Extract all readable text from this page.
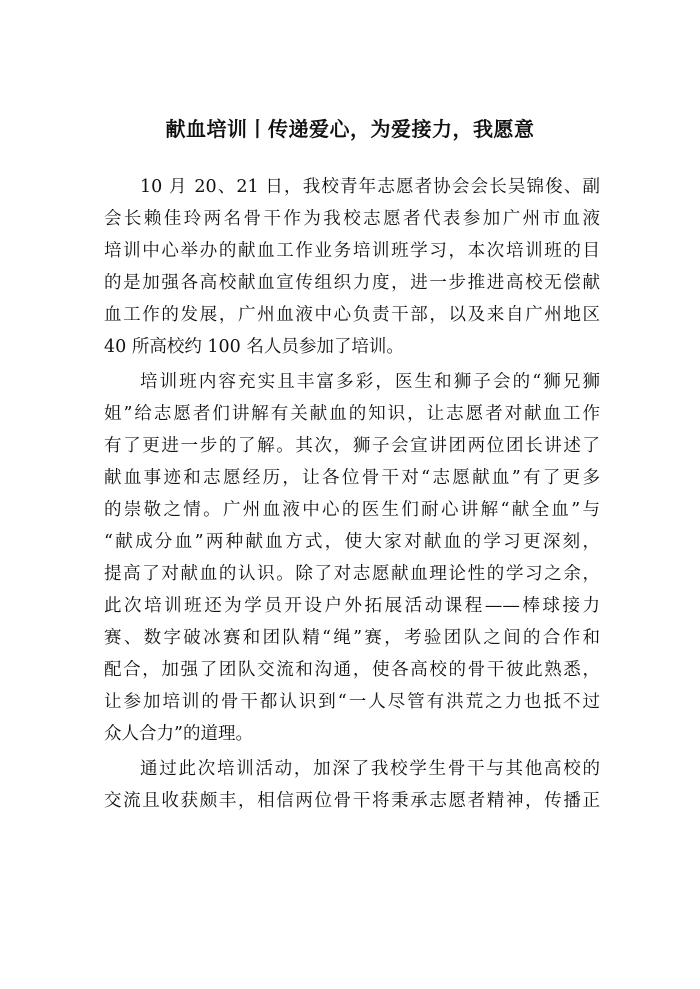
献血培训丨传递爱心，为爱接力，我愿意
10 月 20、21 日，我校青年志愿者协会会长吴锦俊、副
会长赖佳玲两名骨干作为我校志愿者代表参加广州市血液
培训中心举办的献血工作业务培训班学习，本次培训班的目
的是加强各高校献血宣传组织力度，进一步推进高校无偿献
血工作的发展，广州血液中心负责干部，以及来自广州地区
40 所高校约 100 名人员参加了培训。
培训班内容充实且丰富多彩，医生和狮子会的“狮兄狮
姐”给志愿者们讲解有关献血的知识，让志愿者对献血工作
有了更进一步的了解。其次，狮子会宣讲团两位团长讲述了
献血事迹和志愿经历，让各位骨干对“志愿献血”有了更多
的崇敬之情。广州血液中心的医生们耐心讲解“献全血”与
“献成分血”两种献血方式，使大家对献血的学习更深刻，
提高了对献血的认识。除了对志愿献血理论性的学习之余，
此次培训班还为学员开设户外拓展活动课程——棒球接力
赛、数字破冰赛和团队精“绳”赛，考验团队之间的合作和
配合，加强了团队交流和沟通，使各高校的骨干彼此熟悉，
让参加培训的骨干都认识到“一人尽管有洪荒之力也抵不过
众人合力”的道理。
通过此次培训活动，加深了我校学生骨干与其他高校的
交流且收获颇丰，相信两位骨干将秉承志愿者精神，传播正
